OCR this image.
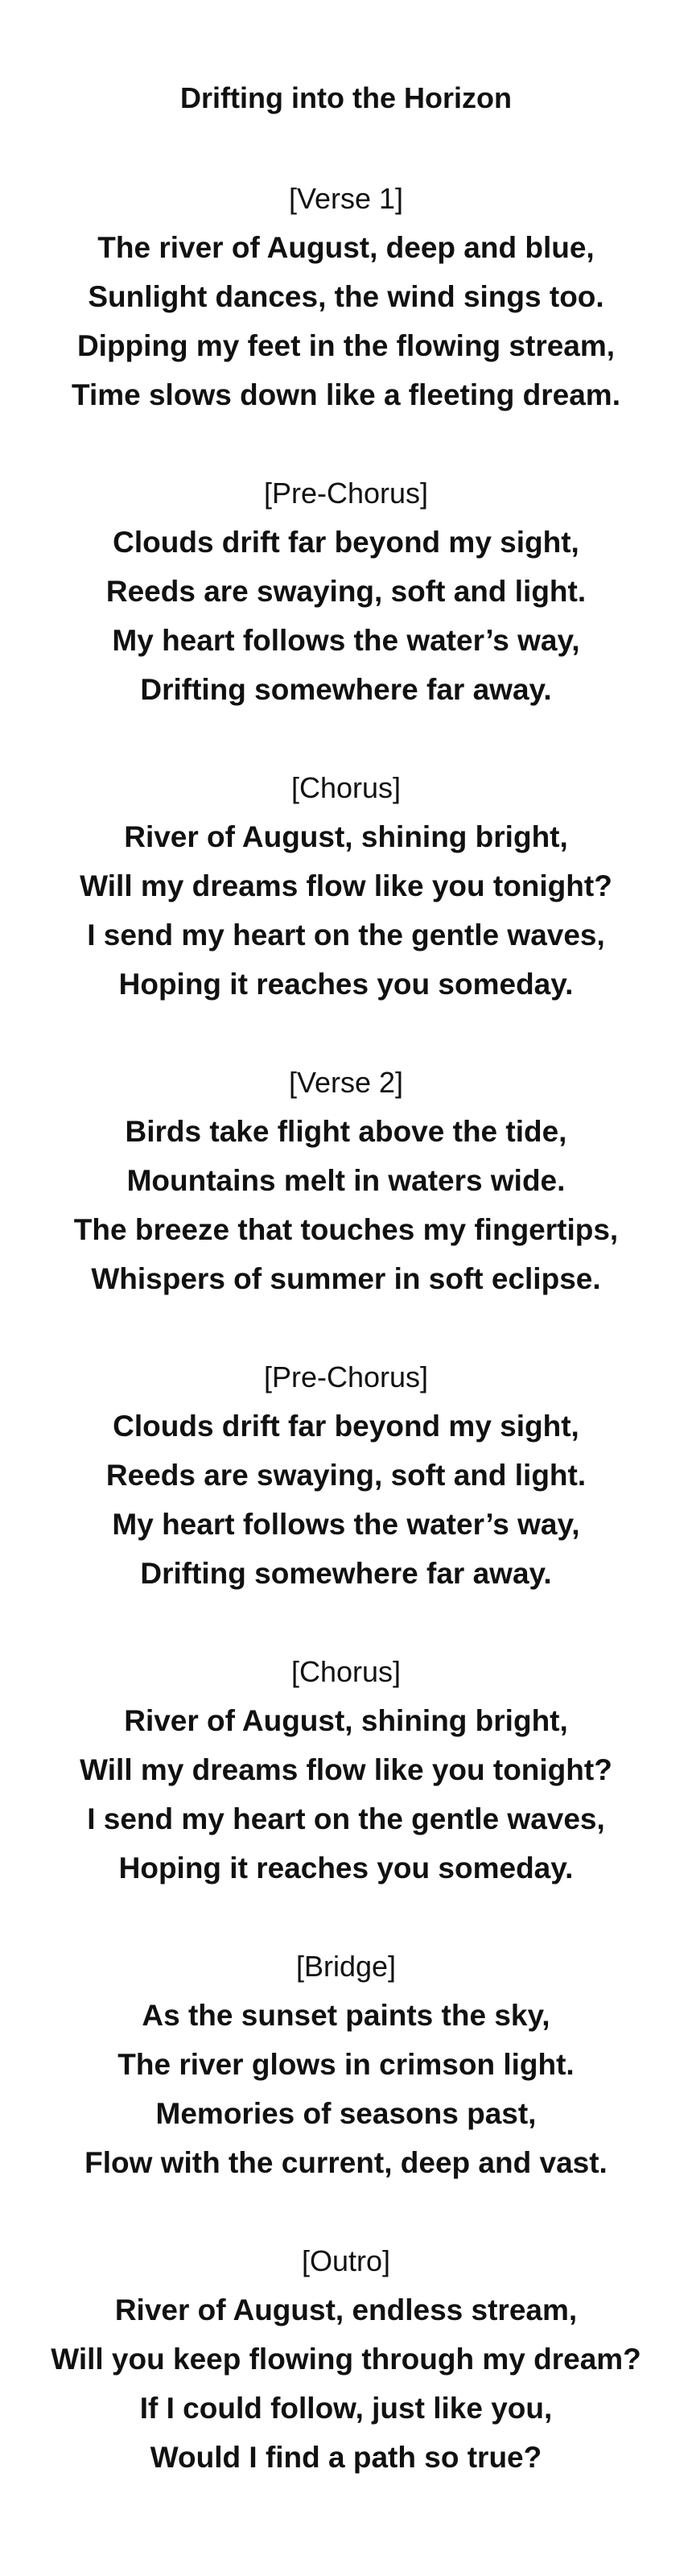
Drifting into the Horizon
[Verse 1]
The river of August, deep and blue,
Sunlight dances, the wind sings too.
Dipping my feet in the flowing stream,
Time slows down like a fleeting dream.
[Pre-Chorus]
Clouds drift far beyond my sight,
Reeds are swaying, soft and light.
My heart follows the water’s way,
Drifting somewhere far away.
[Chorus]
River of August, shining bright,
Will my dreams flow like you tonight?
I send my heart on the gentle waves,
Hoping it reaches you someday.
[Verse 2]
Birds take flight above the tide,
Mountains melt in waters wide.
The breeze that touches my fingertips,
Whispers of summer in soft eclipse.
[Pre-Chorus]
Clouds drift far beyond my sight,
Reeds are swaying, soft and light.
My heart follows the water’s way,
Drifting somewhere far away.
[Chorus]
River of August, shining bright,
Will my dreams flow like you tonight?
I send my heart on the gentle waves,
Hoping it reaches you someday.
[Bridge]
As the sunset paints the sky,
The river glows in crimson light.
Memories of seasons past,
Flow with the current, deep and vast.
[Outro]
River of August, endless stream,
Will you keep flowing through my dream?
If I could follow, just like you,
Would I find a path so true?
